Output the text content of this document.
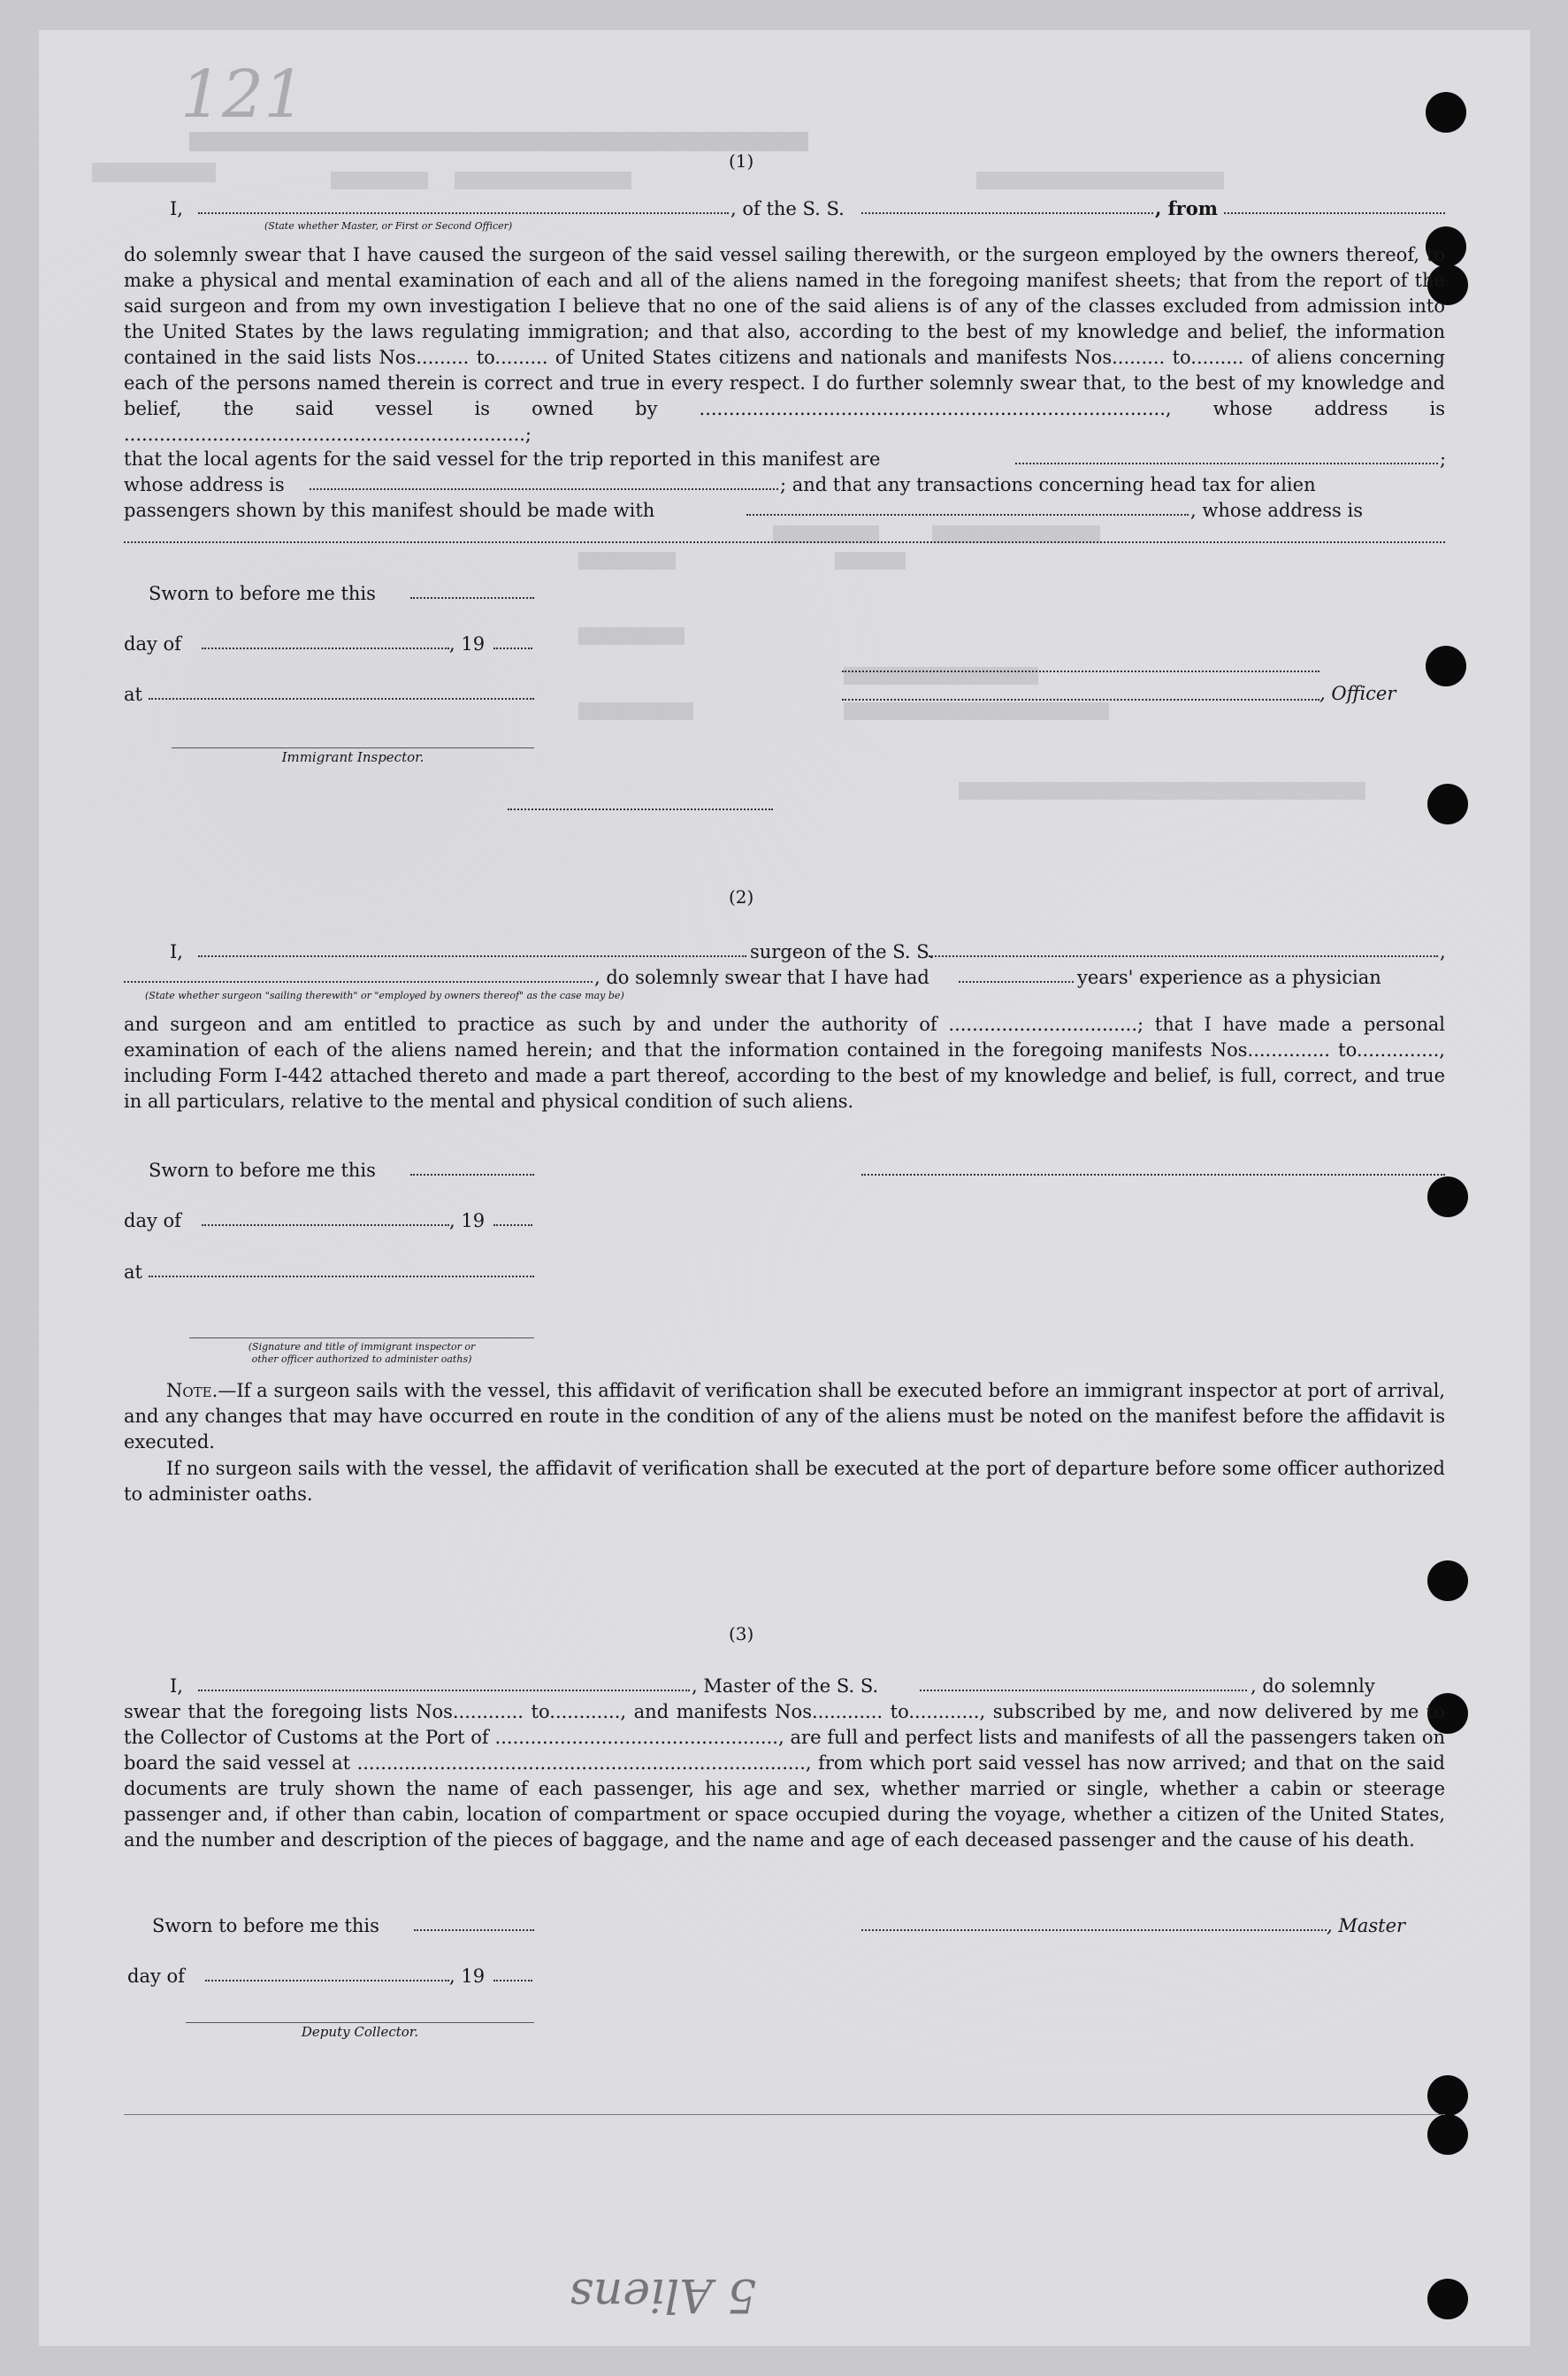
121
(1)
I,	, of the S. S.	, from
(State whether Master, or First or Second Officer)
do solemnly swear that I have caused the surgeon of the said vessel sailing therewith, or the surgeon employed by the owners thereof, to make a physical and mental examination of each and all of the aliens named in the foregoing manifest sheets; that from the report of the said surgeon and from my own investigation I believe that no one of the said aliens is of any of the classes excluded from admission into the United States by the laws regulating immigration; and that also, according to the best of my knowledge and belief, the information contained in the said lists Nos......... to......... of United States citizens and nationals and manifests Nos......... to......... of aliens concerning each of the persons named therein is correct and true in every respect. I do further solemnly swear that, to the best of my knowledge and belief, the said vessel is owned by ..............................................................................., whose address is ....................................................................;
that the local agents for the said vessel for the trip reported in this manifest are	;
whose address is	; and that any transactions concerning head tax for alien
passengers shown by this manifest should be made with	, whose address is
Sworn to before me this
day of	, 19
at
Immigrant Inspector.
, Officer
(2)
I,	surgeon of the S. S.	,
, do solemnly swear that I have had	years' experience as a physician
(State whether surgeon "sailing therewith" or "employed by owners thereof" as the case may be)
and surgeon and am entitled to practice as such by and under the authority of ................................; that I have made a personal examination of each of the aliens named herein; and that the information contained in the foregoing manifests Nos.............. to.............., including Form I-442 attached thereto and made a part thereof, according to the best of my knowledge and belief, is full, correct, and true in all particulars, relative to the mental and physical condition of such aliens.
Sworn to before me this
day of	, 19
at
(Signature and title of immigrant inspector or
other officer authorized to administer oaths)
Note.—If a surgeon sails with the vessel, this affidavit of verification shall be executed before an immigrant inspector at port of arrival, and any changes that may have occurred en route in the condition of any of the aliens must be noted on the manifest before the affidavit is executed.
If no surgeon sails with the vessel, the affidavit of verification shall be executed at the port of departure before some officer authorized to administer oaths.
(3)
I,	, Master of the S. S.	, do solemnly
swear that the foregoing lists Nos............ to............, and manifests Nos............ to............, subscribed by me, and now delivered by me to the Collector of Customs at the Port of ................................................, are full and perfect lists and manifests of all the passengers taken on board the said vessel at ............................................................................, from which port said vessel has now arrived; and that on the said documents are truly shown the name of each passenger, his age and sex, whether married or single, whether a cabin or steerage passenger and, if other than cabin, location of compartment or space occupied during the voyage, whether a citizen of the United States, and the number and description of the pieces of baggage, and the name and age of each deceased passenger and the cause of his death.
Sworn to before me this	, Master
day of	, 19
Deputy Collector.
5 Aliens
